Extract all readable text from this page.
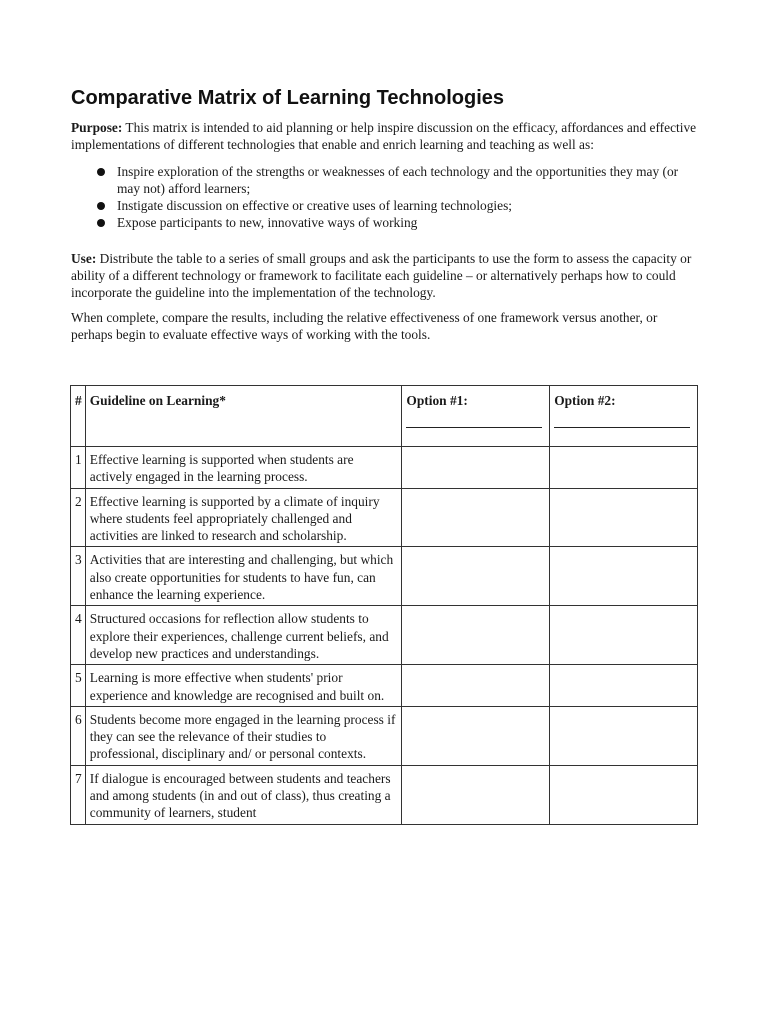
Comparative Matrix of Learning Technologies

Purpose: This matrix is intended to aid planning or help inspire discussion on the efficacy, affordances and effective implementations of different technologies that enable and enrich learning and teaching as well as:

Inspire exploration of the strengths or weaknesses of each technology and the opportunities they may (or may not) afford learners;
Instigate discussion on effective or creative uses of learning technologies;
Expose participants to new, innovative ways of working

Use: Distribute the table to a series of small groups and ask the participants to use the form to assess the capacity or ability of a different technology or framework to facilitate each guideline – or alternatively perhaps how to could incorporate the guideline into the implementation of the technology.

When complete, compare the results, including the relative effectiveness of one framework versus another, or perhaps begin to evaluate effective ways of working with the tools.

#	Guideline on Learning*	Option #1:	Option #2:

1	Effective learning is supported when students are actively engaged in the learning process.		
2	Effective learning is supported by a climate of inquiry where students feel appropriately challenged and activities are linked to research and scholarship.		
3	Activities that are interesting and challenging, but which also create opportunities for students to have fun, can enhance the learning experience.		
4	Structured occasions for reflection allow students to explore their experiences, challenge current beliefs, and develop new practices and understandings.		
5	Learning is more effective when students' prior experience and knowledge are recognised and built on.		
6	Students become more engaged in the learning process if they can see the relevance of their studies to professional, disciplinary and/ or personal contexts.		
7	If dialogue is encouraged between students and teachers and among students (in and out of class), thus creating a community of learners, student		
